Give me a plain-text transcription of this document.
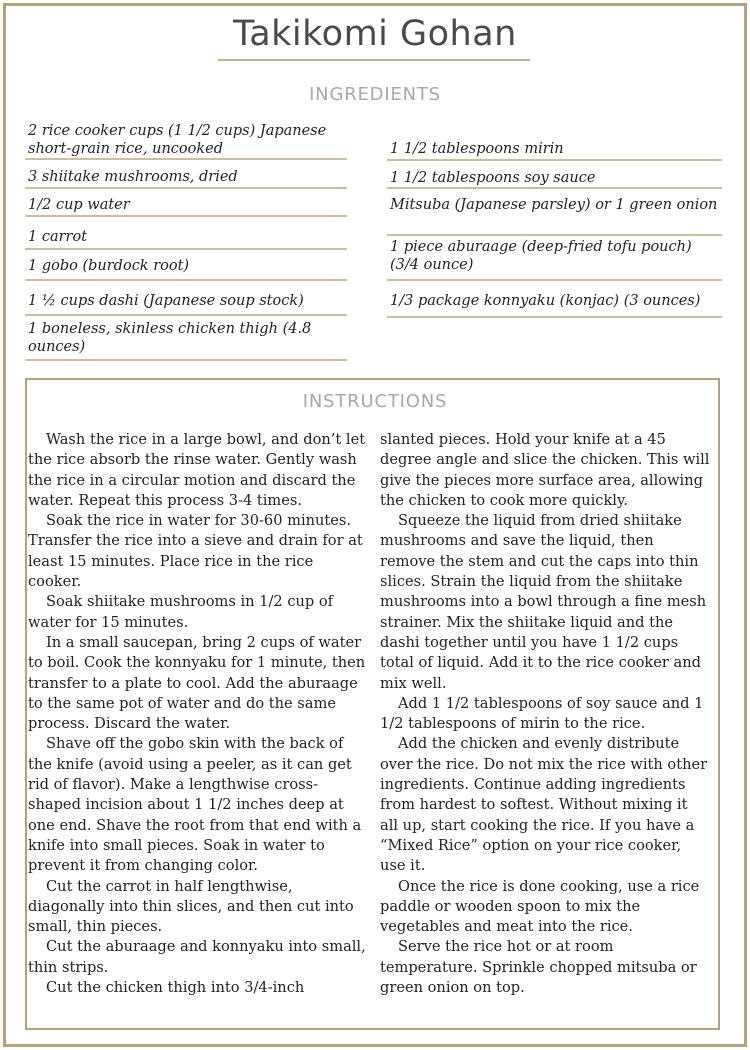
Takikomi Gohan
INGREDIENTS
2 rice cooker cups (1 1/2 cups) Japanese short-grain rice, uncooked
3 shiitake mushrooms, dried
1/2 cup water
1 carrot
1 gobo (burdock root)
1 ½ cups dashi (Japanese soup stock)
1 boneless, skinless chicken thigh (4.8 ounces)
1 1/2 tablespoons mirin
1 1/2 tablespoons soy sauce
Mitsuba (Japanese parsley) or 1 green onion
1 piece aburaage (deep-fried tofu pouch) (3/4 ounce)
1/3 package konnyaku (konjac) (3 ounces)
INSTRUCTIONS

Wash the rice in a large bowl, and don’t let the rice absorb the rinse water. Gently wash the rice in a circular motion and discard the water. Repeat this process 3-4 times.

Soak the rice in water for 30-60 minutes. Transfer the rice into a sieve and drain for at least 15 minutes. Place rice in the rice cooker.

Soak shiitake mushrooms in 1/2 cup of water for 15 minutes.

In a small saucepan, bring 2 cups of water to boil. Cook the konnyaku for 1 minute, then transfer to a plate to cool. Add the aburaage to the same pot of water and do the same process. Discard the water.

Shave off the gobo skin with the back of the knife (avoid using a peeler, as it can get rid of flavor). Make a lengthwise cross-shaped incision about 1 1/2 inches deep at one end. Shave the root from that end with a knife into small pieces. Soak in water to prevent it from changing color.

Cut the carrot in half lengthwise, diagonally into thin slices, and then cut into small, thin pieces.

Cut the aburaage and konnyaku into small, thin strips.

Cut the chicken thigh into 3/4-inch

slanted pieces. Hold your knife at a 45 degree angle and slice the chicken. This will give the pieces more surface area, allowing the chicken to cook more quickly.

Squeeze the liquid from dried shiitake mushrooms and save the liquid, then remove the stem and cut the caps into thin slices. Strain the liquid from the shiitake mushrooms into a bowl through a fine mesh strainer. Mix the shiitake liquid and the dashi together until you have 1 1/2 cups total of liquid. Add it to the rice cooker and mix well.

Add 1 1/2 tablespoons of soy sauce and 1 1/2 tablespoons of mirin to the rice.

Add the chicken and evenly distribute over the rice. Do not mix the rice with other ingredients. Continue adding ingredients from hardest to softest. Without mixing it all up, start cooking the rice. If you have a “Mixed Rice” option on your rice cooker, use it.

Once the rice is done cooking, use a rice paddle or wooden spoon to mix the vegetables and meat into the rice.

Serve the rice hot or at room temperature. Sprinkle chopped mitsuba or green onion on top.
